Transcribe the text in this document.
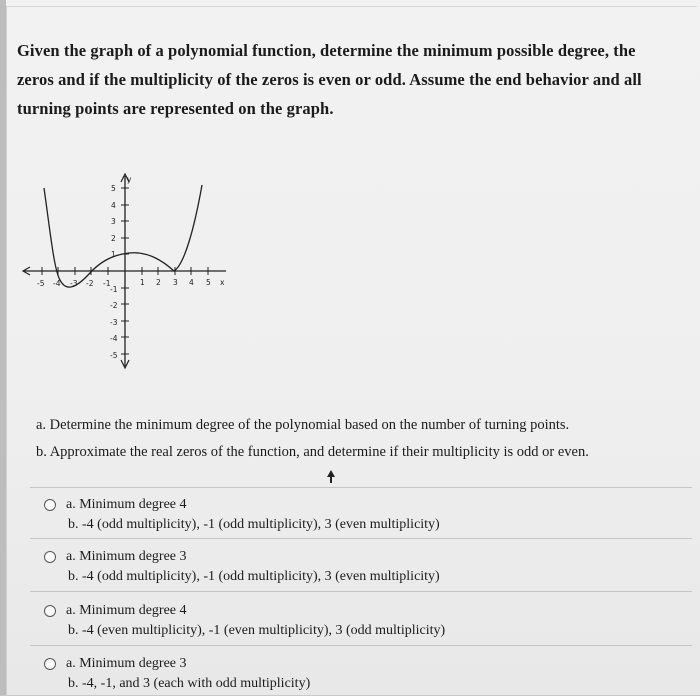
Given the graph of a polynomial function, determine the minimum possible degree, the
zeros and if the multiplicity of the zeros is even or odd. Assume the end behavior and all
turning points are represented on the graph.
-5 -4 -3 -2 -1	1 2 3 4 5 x
y
5
4
3
2
1
-1
-2
-3
-4
-5
a. Determine the minimum degree of the polynomial based on the number of turning points.
b. Approximate the real zeros of the function, and determine if their multiplicity is odd or even.
a. Minimum degree 4
b. -4 (odd multiplicity), -1 (odd multiplicity), 3 (even multiplicity)
a. Minimum degree 3
b. -4 (odd multiplicity), -1 (odd multiplicity), 3 (even multiplicity)
a. Minimum degree 4
b. -4 (even multiplicity), -1 (even multiplicity), 3 (odd multiplicity)
a. Minimum degree 3
b. -4, -1, and 3 (each with odd multiplicity)
